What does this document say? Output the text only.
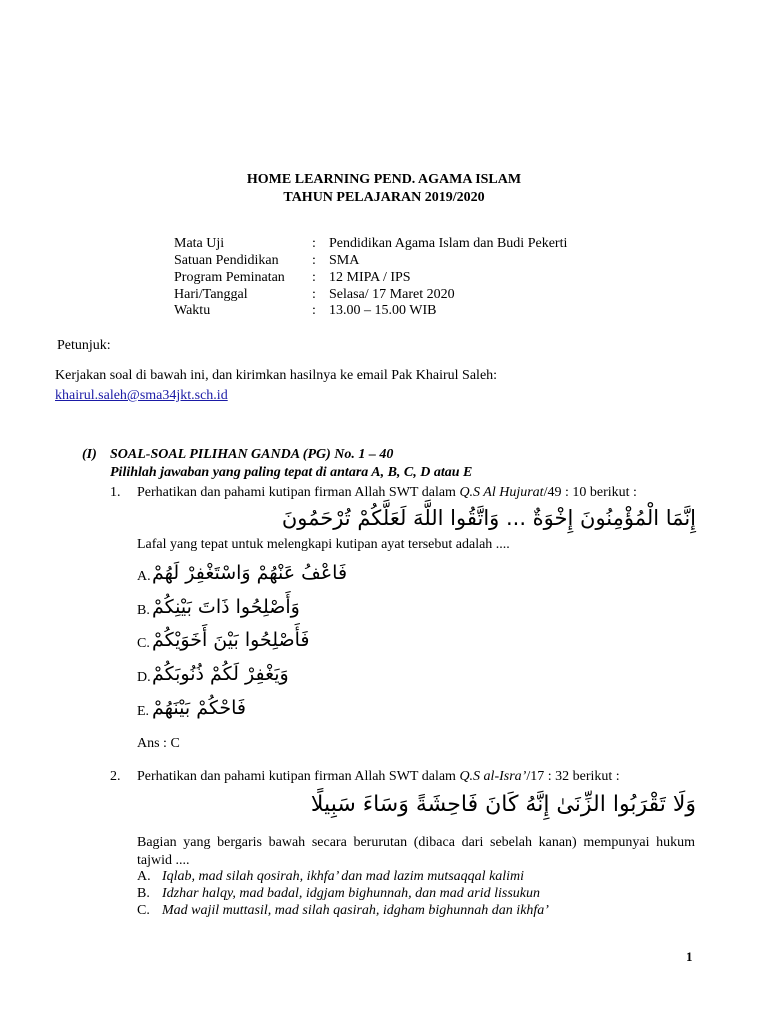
HOME LEARNING PEND. AGAMA ISLAM
TAHUN PELAJARAN 2019/2020
Mata Uji	: Pendidikan Agama Islam dan Budi Pekerti
Satuan Pendidikan : SMA
Program Peminatan : 12 MIPA / IPS
Hari/Tanggal	: Selasa/ 17 Maret 2020
Waktu	: 13.00 – 15.00 WIB
Petunjuk:
Kerjakan soal di bawah ini, dan kirimkan hasilnya ke email Pak Khairul Saleh:
khairul.saleh@sma34jkt.sch.id
(I) SOAL-SOAL PILIHAN GANDA (PG) No. 1 – 40
Pilihlah jawaban yang paling tepat di antara A, B, C, D atau E
1. Perhatikan dan pahami kutipan firman Allah SWT dalam Q.S Al Hujurat/49 : 10 berikut :
إِنَّمَا الْمُؤْمِنُونَ إِخْوَةٌ ... وَاتَّقُوا اللَّهَ لَعَلَّكُمْ تُرْحَمُونَ
Lafal yang tepat untuk melengkapi kutipan ayat tersebut adalah ....
A. فَاعْفُ عَنْهُمْ وَاسْتَغْفِرْ لَهُمْ
B. وَأَصْلِحُوا ذَاتَ بَيْنِكُمْ
C. فَأَصْلِحُوا بَيْنَ أَخَوَيْكُمْ
D. وَيَغْفِرْ لَكُمْ ذُنُوبَكُمْ
E. فَاحْكُمْ بَيْنَهُمْ
Ans : C
2. Perhatikan dan pahami kutipan firman Allah SWT dalam Q.S al-Isra’/17 : 32 berikut :
وَلَا تَقْرَبُوا الزِّنَىٰ إِنَّهُ كَانَ فَاحِشَةً وَسَاءَ سَبِيلًا
Bagian yang bergaris bawah secara berurutan (dibaca dari sebelah kanan) mempunyai hukum tajwid ....
A. Iqlab, mad silah qosirah, ikhfa’ dan mad lazim mutsaqqal kalimi
B. Idzhar halqy, mad badal, idgjam bighunnah, dan mad arid lissukun
C. Mad wajil muttasil, mad silah qasirah, idgham bighunnah dan ikhfa’
1
